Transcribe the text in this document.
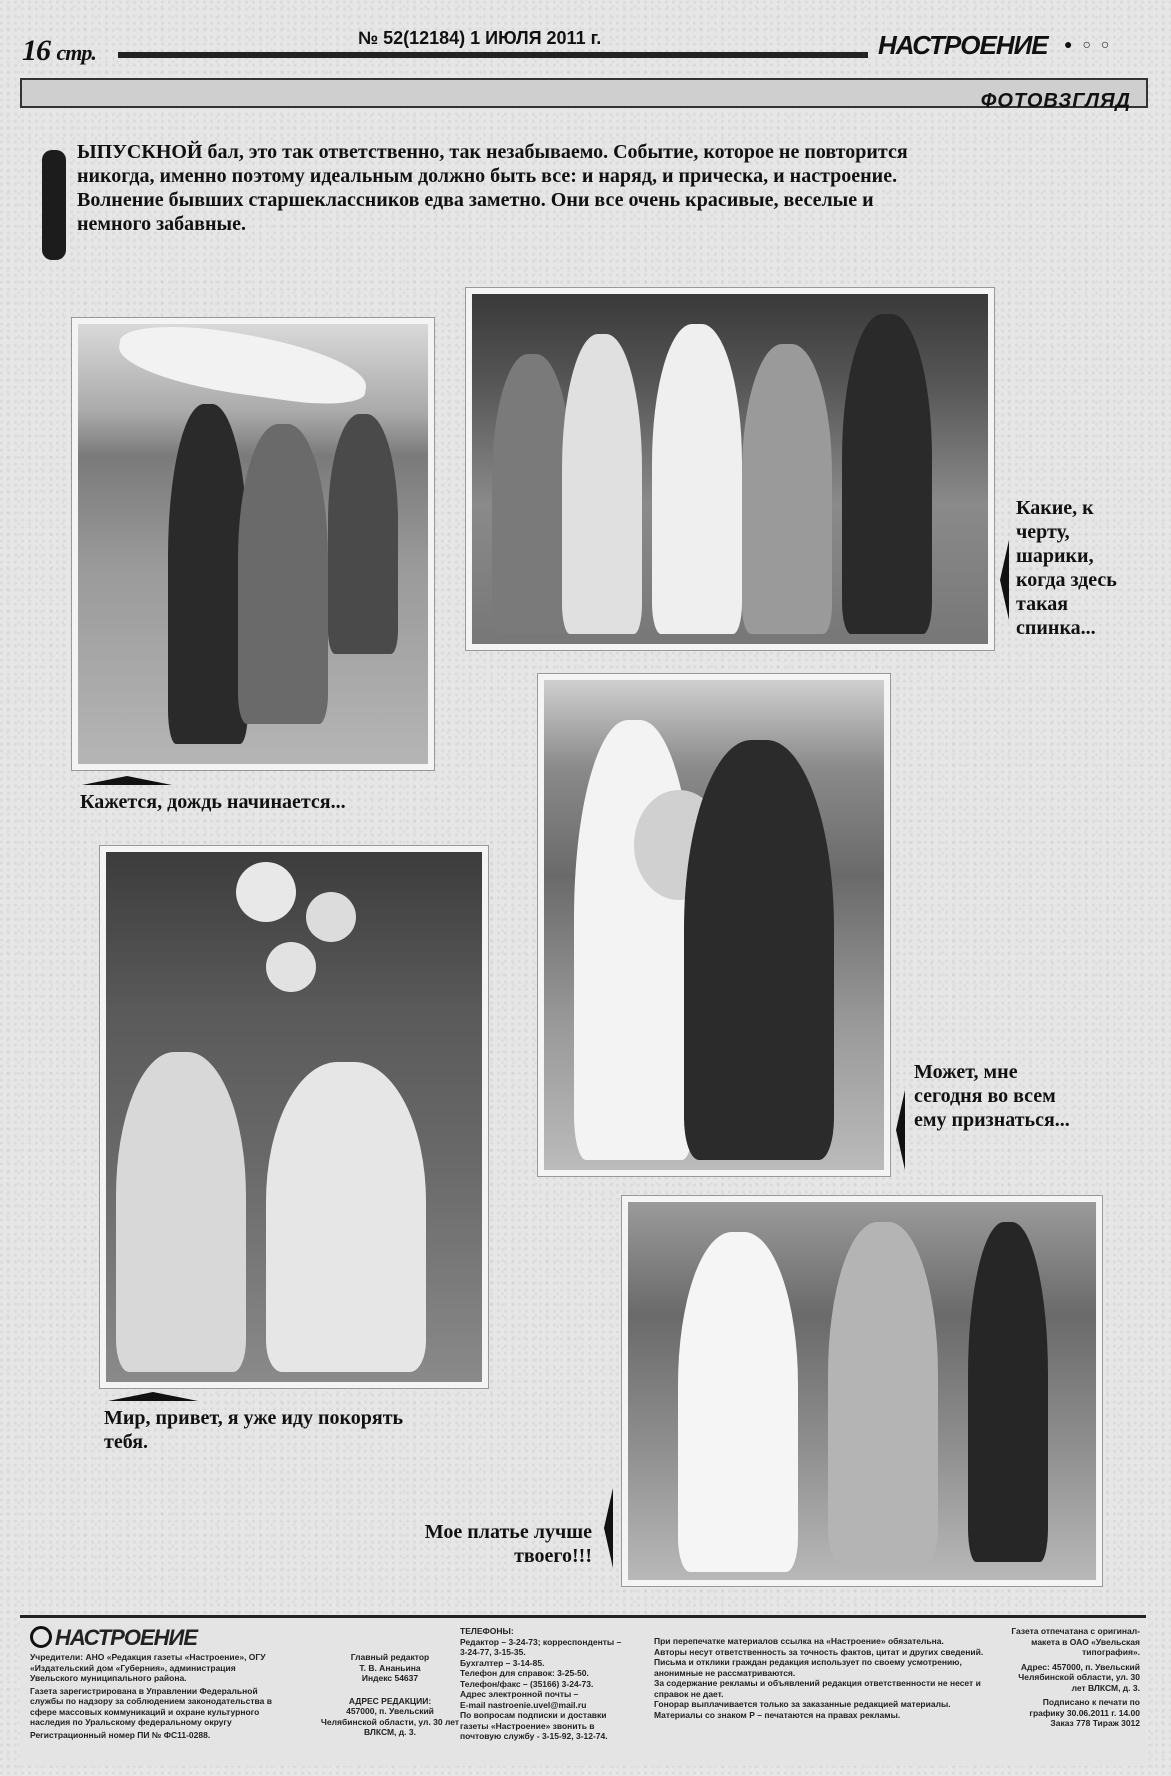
16 стр.
№ 52(12184) 1 ИЮЛЯ 2011 г.	НАСТРОЕНИЕ ●○○
ФОТОВЗГЛЯД
ЫПУСКНОЙ бал, это так ответственно, так незабываемо. Событие, которое не повторится никогда, именно поэтому идеальным должно быть все: и наряд, и прическа, и настроение. Волнение бывших старшеклассников едва заметно. Они все очень красивые, веселые и немного забавные.
Кажется, дождь начинается...
Какие, к черту, шарики, когда здесь такая спинка...
Может, мне сегодня во всем ему признаться...
Мир, привет, я уже иду покорять тебя.
Мое платье лучше твоего!!!
НАСТРОЕНИЕ
Учредители: АНО «Редакция газеты «Настроение», ОГУ «Издательский дом «Губерния», администрация Увельского муниципального района.
Газета зарегистрирована в Управлении Федеральной службы по надзору за соблюдением законодательства в сфере массовых коммуникаций и охране культурного наследия по Уральскому федеральному округу
Регистрационный номер ПИ № ФС11-0288.
Главный редактор
Т. В. Ананьина
Индекс 54637
АДРЕС РЕДАКЦИИ:
457000, п. Увельский Челябинской области, ул. 30 лет ВЛКСМ, д. 3.
ТЕЛЕФОНЫ:
Редактор – 3-24-73; корреспонденты – 3-24-77, 3-15-35.
Бухгалтер – 3-14-85.
Телефон для справок: 3-25-50.
Телефон/факс – (35166) 3-24-73.
Адрес электронной почты –
E-mail nastroenie.uvel@mail.ru
По вопросам подписки и доставки газеты «Настроение» звонить в почтовую службу - 3-15-92, 3-12-74.
При перепечатке материалов ссылка на «Настроение» обязательна.
Авторы несут ответственность за точность фактов, цитат и других сведений.
Письма и отклики граждан редакция использует по своему усмотрению, анонимные не рассматриваются.
За содержание рекламы и объявлений редакция ответственности не несет и справок не дает.
Гонорар выплачивается только за заказанные редакцией материалы.
Материалы со знаком Р – печатаются на правах рекламы.
Газета отпечатана с оригинал-макета в ОАО «Увельская типография».
Адрес: 457000, п. Увельский Челябинской области, ул. 30 лет ВЛКСМ, д. 3.
Подписано к печати по графику 30.06.2011 г. 14.00
Заказ 778 Тираж 3012
